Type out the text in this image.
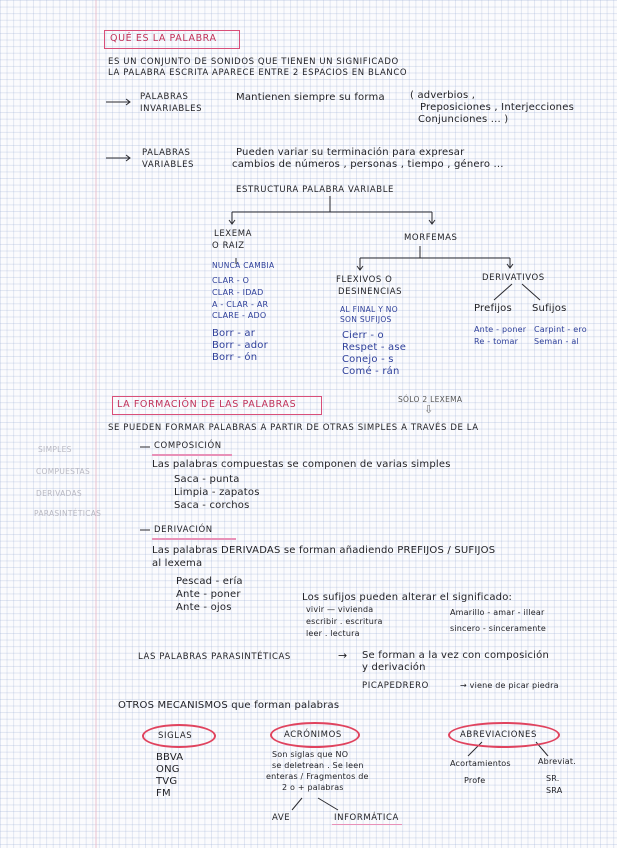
QUÉ ES LA PALABRA
ES UN CONJUNTO DE SONIDOS QUE TIENEN UN SIGNIFICADO
LA PALABRA ESCRITA APARECE ENTRE 2 ESPACIOS EN BLANCO
PALABRAS
INVARIABLES
Mantienen siempre su forma	( adverbios ,
Preposiciones , Interjecciones
Conjunciones ... )
PALABRAS
VARIABLES
Pueden variar su terminación para expresar
cambios de números , personas , tiempo , género ...
ESTRUCTURA PALABRA VARIABLE
LEXEMA
O RAIZ
NUNCA CAMBIA
CLAR - O
CLAR - IDAD
A - CLAR - AR
CLARE - ADO
Borr - ar
Borr - ador
Borr - ón
MORFEMAS
FLEXIVOS O
DESINENCIAS
AL FINAL Y NO
SON SUFIJOS
Cierr - o
Respet - ase
Conejo - s
Comé - rán
DERIVATIVOS
Prefijos Sufijos
Ante - poner
Re - tomar
Carpint - ero
Seman - al
LA FORMACIÓN DE LAS PALABRAS	SÓLO 2 LEXEMA
⇩
SE PUEDEN FORMAR PALABRAS A PARTIR DE OTRAS SIMPLES A TRAVÉS DE LA
SIMPLES
COMPUESTAS
DERIVADAS
PARASINTÉTICAS
COMPOSICIÓN
Las palabras compuestas se componen de varias simples
Saca - punta
Limpia - zapatos
Saca - corchos
DERIVACIÓN
Las palabras DERIVADAS se forman añadiendo PREFIJOS / SUFIJOS
al lexema
Pescad - ería
Ante - poner
Ante - ojos
Los sufijos pueden alterar el significado:
vivir — vivienda
escribir . escritura
leer . lectura
Amarillo - amar - illear
sincero - sinceramente
LAS PALABRAS PARASINTÉTICAS	→ Se forman a la vez con composición
y derivación
PICAPEDRERO	→ viene de picar piedra
OTROS MECANISMOS que forman palabras
SIGLAS
BBVA
ONG
TVG
FM
ACRÓNIMOS
Son siglas que NO
se deletrean . Se leen
enteras / Fragmentos de
2 o + palabras
AVE	INFORMÁTICA
ABREVIACIONES
Acortamientos	Abreviat.
Profe	SR.
SRA
